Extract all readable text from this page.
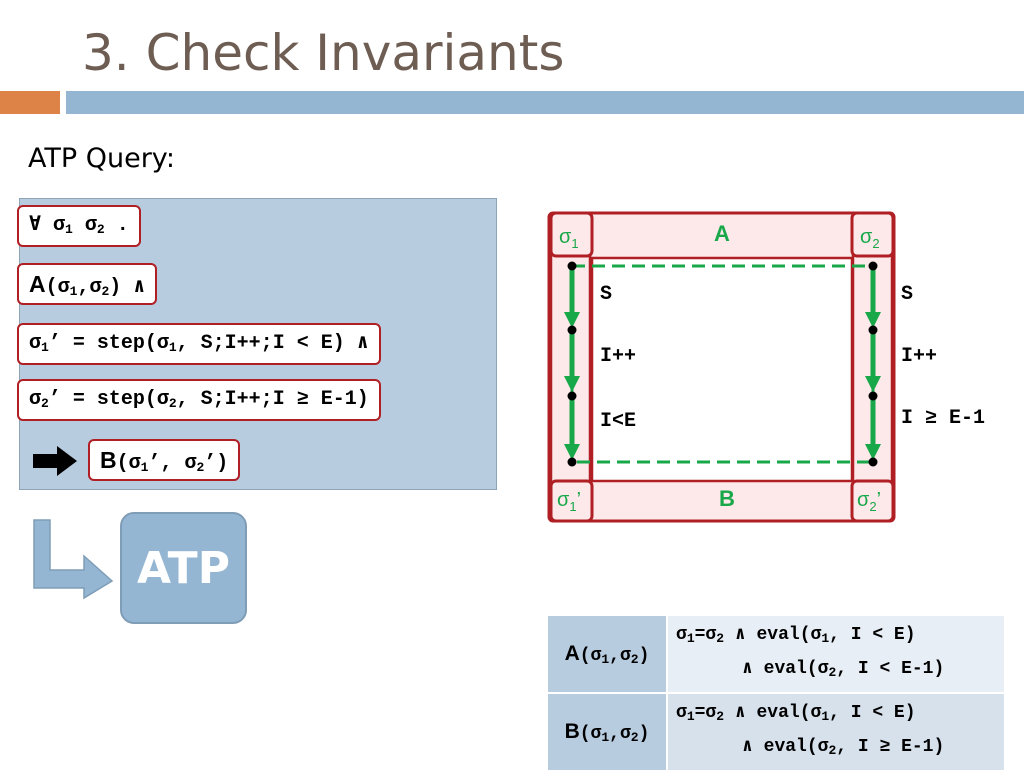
3. Check Invariants
ATP Query:
∀ $\sigma_1$ $\sigma_2$ .
$A(\sigma_1,\sigma_2)$ ∧
$\sigma_1$’ = $step(\sigma_1$, S;I++;I < E) ∧
$\sigma_2$’ = $step(\sigma_2$, S;I++;I ≥ E-1)
$B(\sigma_1$’, $\sigma_2$’)
ATP
A
B
$\sigma_1$	$\sigma_2$
$\sigma_1$’	$\sigma_2$’
S
I++
I<E
S
I++
I ≥ E-1
$A(\sigma_1,\sigma_2)$	$\sigma_1=\sigma_2$ ∧ $eval(\sigma_1$, I < E)
∧ $eval(\sigma_2$, I < E-1)

$B(\sigma_1,\sigma_2)$	$\sigma_1=\sigma_2$ ∧ $eval(\sigma_1$, I < E)
∧ $eval(\sigma_2$, I ≥ E-1)
